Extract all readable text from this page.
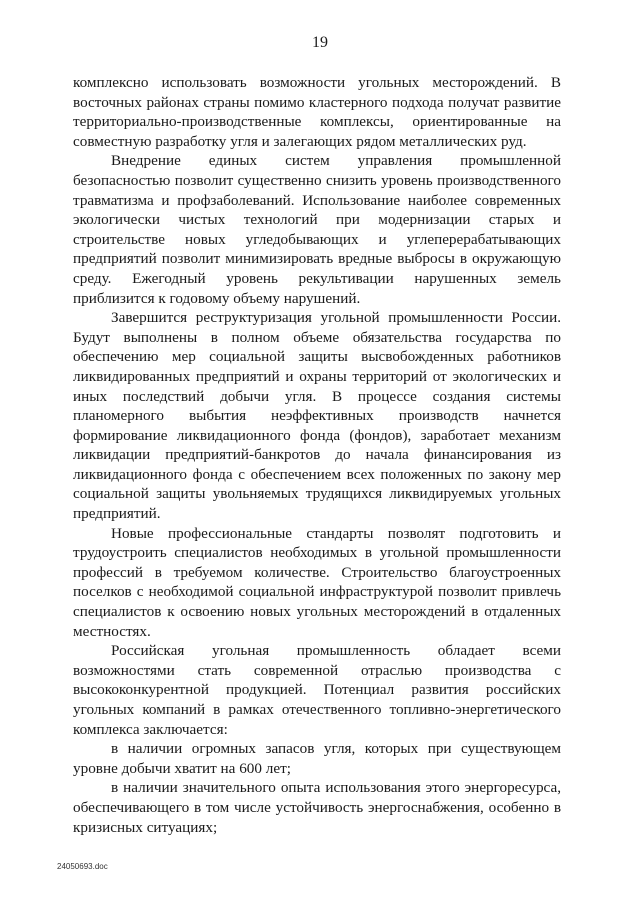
19

комплексно использовать возможности угольных месторождений. В восточных районах страны помимо кластерного подхода получат развитие территориально-производственные комплексы, ориентированные на совместную разработку угля и залегающих рядом металлических руд.

Внедрение единых систем управления промышленной безопасностью позволит существенно снизить уровень производственного травматизма и профзаболеваний. Использование наиболее современных экологически чистых технологий при модернизации старых и строительстве новых угледобывающих и углеперерабатывающих предприятий позволит минимизировать вредные выбросы в окружающую среду. Ежегодный уровень рекультивации нарушенных земель приблизится к годовому объему нарушений.

Завершится реструктуризация угольной промышленности России. Будут выполнены в полном объеме обязательства государства по обеспечению мер социальной защиты высвобожденных работников ликвидированных предприятий и охраны территорий от экологических и иных последствий добычи угля. В процессе создания системы планомерного выбытия неэффективных производств начнется формирование ликвидационного фонда (фондов), заработает механизм ликвидации предприятий-банкротов до начала финансирования из ликвидационного фонда с обеспечением всех положенных по закону мер социальной защиты увольняемых трудящихся ликвидируемых угольных предприятий.

Новые профессиональные стандарты позволят подготовить и трудоустроить специалистов необходимых в угольной промышленности профессий в требуемом количестве. Строительство благоустроенных поселков с необходимой социальной инфраструктурой позволит привлечь специалистов к освоению новых угольных месторождений в отдаленных местностях.

Российская угольная промышленность обладает всеми возможностями стать современной отраслью производства с высококонкурентной продукцией. Потенциал развития российских угольных компаний в рамках отечественного топливно-энергетического комплекса заключается:

в наличии огромных запасов угля, которых при существующем уровне добычи хватит на 600 лет;

в наличии значительного опыта использования этого энергоресурса, обеспечивающего в том числе устойчивость энергоснабжения, особенно в кризисных ситуациях;

24050693.doc
